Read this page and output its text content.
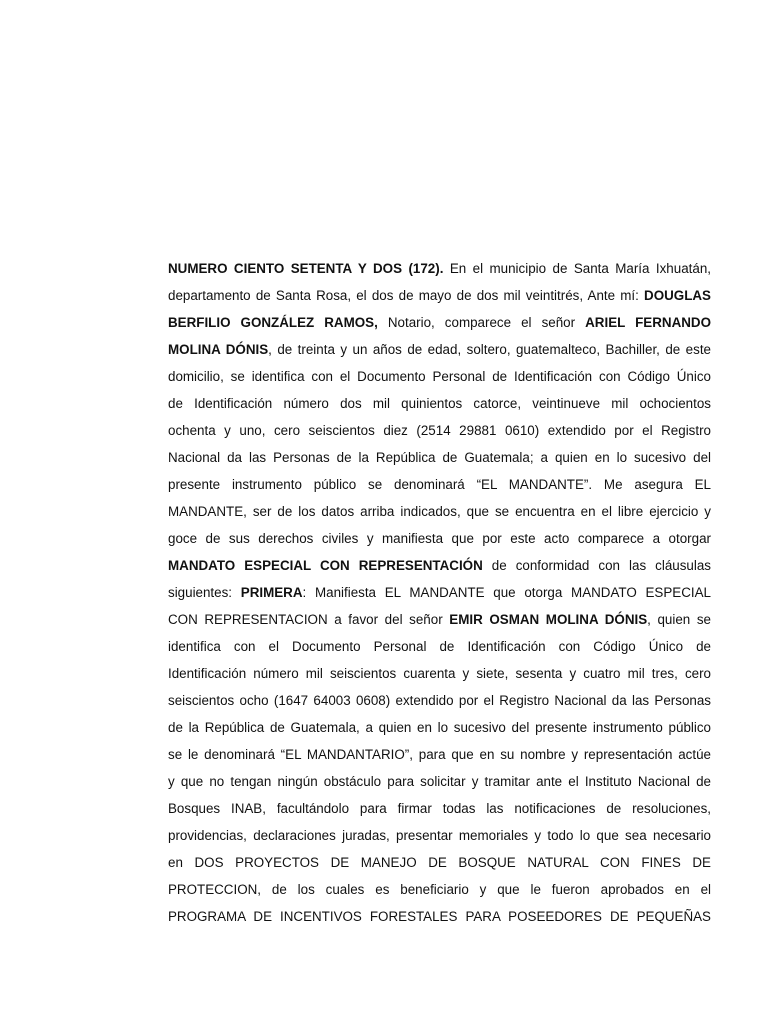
NUMERO CIENTO SETENTA Y DOS (172). En el municipio de Santa María Ixhuatán,
departamento de Santa Rosa, el dos de mayo de dos mil veintitrés, Ante mí: DOUGLAS
BERFILIO GONZÁLEZ RAMOS, Notario, comparece el señor ARIEL FERNANDO
MOLINA DÓNIS, de treinta y un años de edad, soltero, guatemalteco, Bachiller, de este
domicilio, se identifica con el Documento Personal de Identificación con Código Único
de Identificación número dos mil quinientos catorce, veintinueve mil ochocientos
ochenta y uno, cero seiscientos diez (2514 29881 0610) extendido por el Registro
Nacional da las Personas de la República de Guatemala; a quien en lo sucesivo del
presente instrumento público se denominará “EL MANDANTE”. Me asegura EL
MANDANTE, ser de los datos arriba indicados, que se encuentra en el libre ejercicio y
goce de sus derechos civiles y manifiesta que por este acto comparece a otorgar
MANDATO ESPECIAL CON REPRESENTACIÓN de conformidad con las cláusulas
siguientes: PRIMERA: Manifiesta EL MANDANTE que otorga MANDATO ESPECIAL
CON REPRESENTACION a favor del señor EMIR OSMAN MOLINA DÓNIS, quien se
identifica con el Documento Personal de Identificación con Código Único de
Identificación número mil seiscientos cuarenta y siete, sesenta y cuatro mil tres, cero
seiscientos ocho (1647 64003 0608) extendido por el Registro Nacional da las Personas
de la República de Guatemala, a quien en lo sucesivo del presente instrumento público
se le denominará “EL MANDANTARIO”, para que en su nombre y representación actúe
y que no tengan ningún obstáculo para solicitar y tramitar ante el Instituto Nacional de
Bosques INAB, facultándolo para firmar todas las notificaciones de resoluciones,
providencias, declaraciones juradas, presentar memoriales y todo lo que sea necesario
en DOS PROYECTOS DE MANEJO DE BOSQUE NATURAL CON FINES DE
PROTECCION, de los cuales es beneficiario y que le fueron aprobados en el
PROGRAMA DE INCENTIVOS FORESTALES PARA POSEEDORES DE PEQUEÑAS
